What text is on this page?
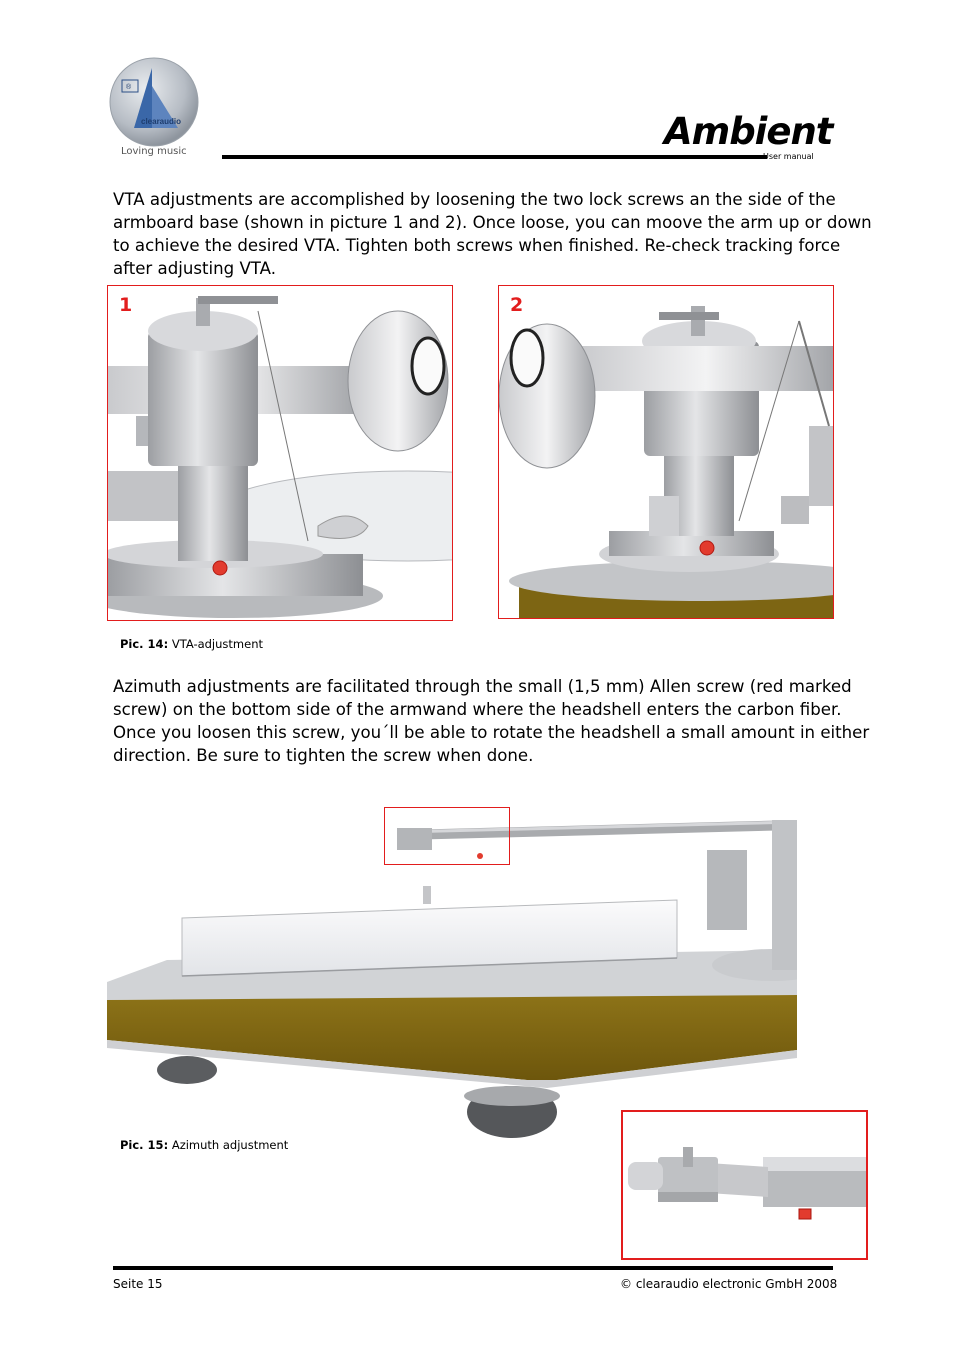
clearaudio
®
Loving music	Ambient
User manual
VTA adjustments are accomplished by loosening the two lock screws an the side of the armboard base (shown in picture 1 and 2). Once loose, you can moove the arm up or down to achieve the desired VTA. Tighten both screws when finished. Re-check tracking force after adjusting VTA.
1	2
Pic. 14: VTA-adjustment
Azimuth adjustments are facilitated through the small (1,5 mm) Allen screw (red marked screw) on the bottom side of the armwand where the headshell enters the carbon fiber. Once you loosen this screw, you´ll be able to rotate the headshell a small amount in either direction. Be sure to tighten the screw when done.
Pic. 15: Azimuth adjustment
Seite 15	© clearaudio electronic GmbH 2008
